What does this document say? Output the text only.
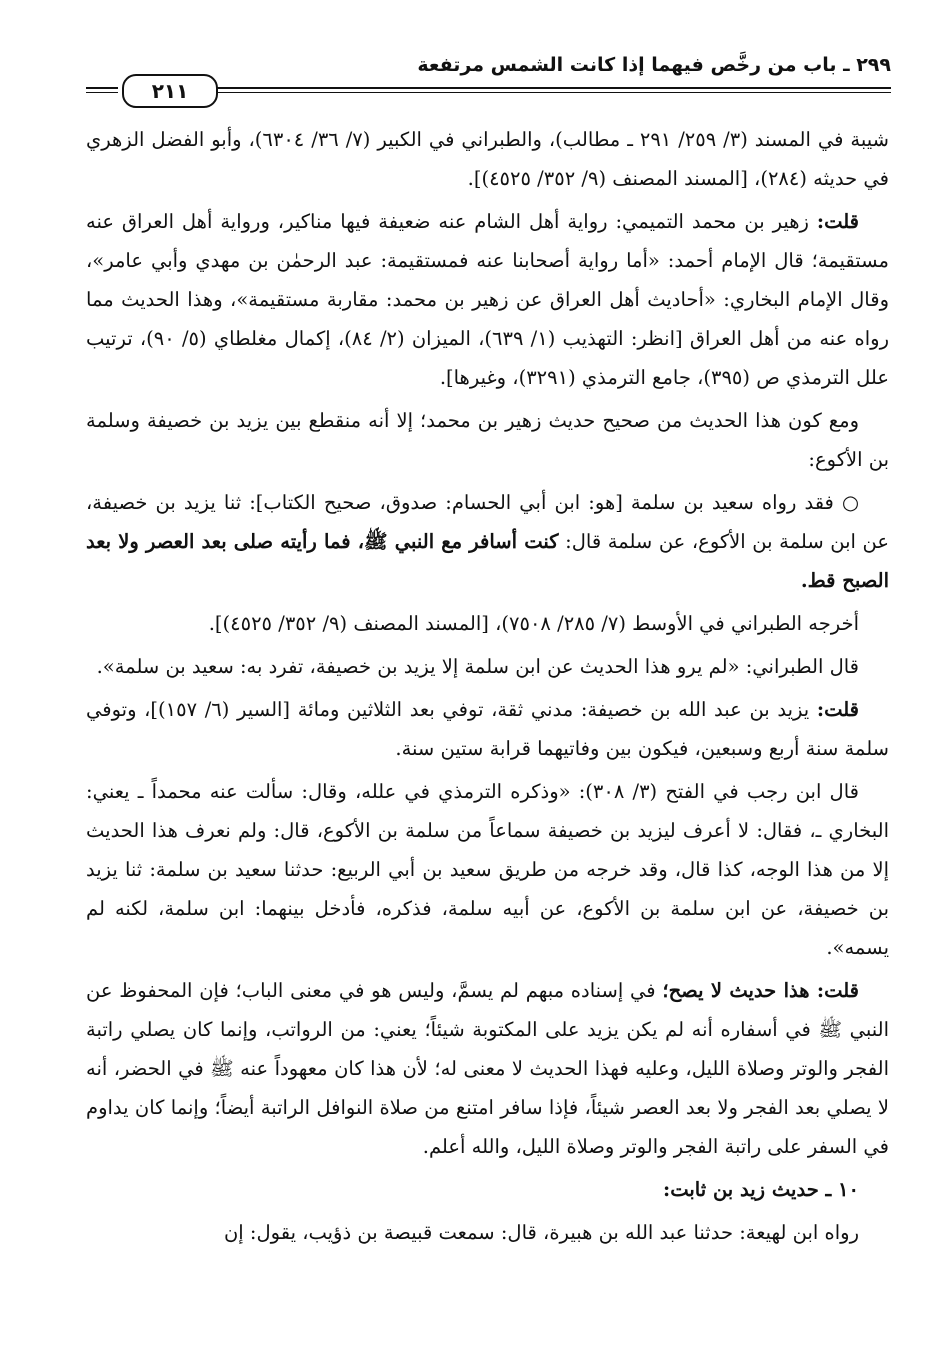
٢٩٩ ـ باب من رخَّص فيهما إذا كانت الشمس مرتفعة
٢١١

شيبة في المسند (٣/ ٢٥٩/ ٢٩١ ـ مطالب)، والطبراني في الكبير (٧/ ٣٦/ ٦٣٠٤)، وأبو الفضل الزهري في حديثه (٢٨٤)، [المسند المصنف (٩/ ٣٥٢/ ٤٥٢٥)].

قلت: زهير بن محمد التميمي: رواية أهل الشام عنه ضعيفة فيها مناكير، ورواية أهل العراق عنه مستقيمة؛ قال الإمام أحمد: «أما رواية أصحابنا عنه فمستقيمة: عبد الرحمٰن بن مهدي وأبي عامر»، وقال الإمام البخاري: «أحاديث أهل العراق عن زهير بن محمد: مقاربة مستقيمة»، وهذا الحديث مما رواه عنه من أهل العراق [انظر: التهذيب (١/ ٦٣٩)، الميزان (٢/ ٨٤)، إكمال مغلطاي (٥/ ٩٠)، ترتيب علل الترمذي ص (٣٩٥)، جامع الترمذي (٣٢٩١)، وغيرها].

ومع كون هذا الحديث من صحيح حديث زهير بن محمد؛ إلا أنه منقطع بين يزيد بن خصيفة وسلمة بن الأكوع:

○ فقد رواه سعيد بن سلمة [هو: ابن أبي الحسام: صدوق، صحيح الكتاب]: ثنا يزيد بن خصيفة، عن ابن سلمة بن الأكوع، عن سلمة قال: كنت أسافر مع النبي ﷺ، فما رأيته صلى بعد العصر ولا بعد الصبح قط.

أخرجه الطبراني في الأوسط (٧/ ٢٨٥/ ٧٥٠٨)، [المسند المصنف (٩/ ٣٥٢/ ٤٥٢٥)].

قال الطبراني: «لم يرو هذا الحديث عن ابن سلمة إلا يزيد بن خصيفة، تفرد به: سعيد بن سلمة».

قلت: يزيد بن عبد الله بن خصيفة: مدني ثقة، توفي بعد الثلاثين ومائة [السير (٦/ ١٥٧)]، وتوفي سلمة سنة أربع وسبعين، فيكون بين وفاتيهما قرابة ستين سنة.

قال ابن رجب في الفتح (٣/ ٣٠٨): «وذكره الترمذي في علله، وقال: سألت عنه محمداً ـ يعني: البخاري ـ، فقال: لا أعرف ليزيد بن خصيفة سماعاً من سلمة بن الأكوع، قال: ولم نعرف هذا الحديث إلا من هذا الوجه، كذا قال، وقد خرجه من طريق سعيد بن أبي الربيع: حدثنا سعيد بن سلمة: ثنا يزيد بن خصيفة، عن ابن سلمة بن الأكوع، عن أبيه سلمة، فذكره، فأدخل بينهما: ابن سلمة، لكنه لم يسمه».

قلت: هذا حديث لا يصح؛ في إسناده مبهم لم يسمَّ، وليس هو في معنى الباب؛ فإن المحفوظ عن النبي ﷺ في أسفاره أنه لم يكن يزيد على المكتوبة شيئاً؛ يعني: من الرواتب، وإنما كان يصلي راتبة الفجر والوتر وصلاة الليل، وعليه فهذا الحديث لا معنى له؛ لأن هذا كان معهوداً عنه ﷺ في الحضر، أنه لا يصلي بعد الفجر ولا بعد العصر شيئاً، فإذا سافر امتنع من صلاة النوافل الراتبة أيضاً؛ وإنما كان يداوم في السفر على راتبة الفجر والوتر وصلاة الليل، والله أعلم.

١٠ ـ حديث زيد بن ثابت:

رواه ابن لهيعة: حدثنا عبد الله بن هبيرة، قال: سمعت قبيصة بن ذؤيب، يقول: إن
